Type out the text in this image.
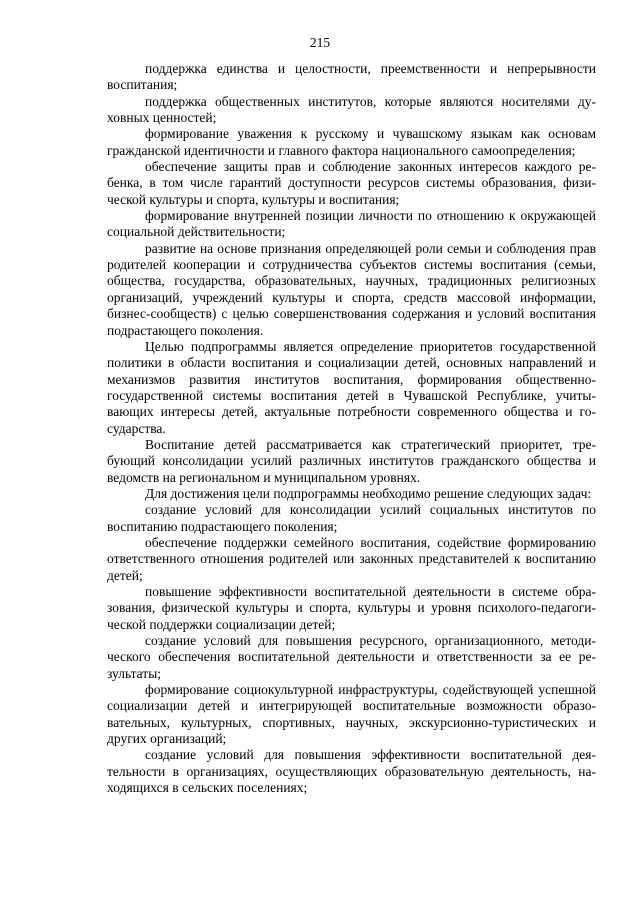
215

поддержка единства и целостности, преемственности и непрерывности воспитания;

поддержка общественных институтов, которые являются носителями духовных ценностей;

формирование уважения к русскому и чувашскому языкам как основам гражданской идентичности и главного фактора национального самоопределения;

обеспечение защиты прав и соблюдение законных интересов каждого ребенка, в том числе гарантий доступности ресурсов системы образования, физической культуры и спорта, культуры и воспитания;

формирование внутренней позиции личности по отношению к окружающей социальной действительности;

развитие на основе признания определяющей роли семьи и соблюдения прав родителей кооперации и сотрудничества субъектов системы воспитания (семьи, общества, государства, образовательных, научных, традиционных религиозных организаций, учреждений культуры и спорта, средств массовой информации, бизнес-сообществ) с целью совершенствования содержания и условий воспитания подрастающего поколения.

Целью подпрограммы является определение приоритетов государственной политики в области воспитания и социализации детей, основных направлений и механизмов развития институтов воспитания, формирования общественно-государственной системы воспитания детей в Чувашской Республике, учитывающих интересы детей, актуальные потребности современного общества и государства.

Воспитание детей рассматривается как стратегический приоритет, требующий консолидации усилий различных институтов гражданского общества и ведомств на региональном и муниципальном уровнях.

Для достижения цели подпрограммы необходимо решение следующих задач:

создание условий для консолидации усилий социальных институтов по воспитанию подрастающего поколения;

обеспечение поддержки семейного воспитания, содействие формированию ответственного отношения родителей или законных представителей к воспитанию детей;

повышение эффективности воспитательной деятельности в системе образования, физической культуры и спорта, культуры и уровня психолого-педагогической поддержки социализации детей;

создание условий для повышения ресурсного, организационного, методического обеспечения воспитательной деятельности и ответственности за ее результаты;

формирование социокультурной инфраструктуры, содействующей успешной социализации детей и интегрирующей воспитательные возможности образовательных, культурных, спортивных, научных, экскурсионно-туристических и других организаций;

создание условий для повышения эффективности воспитательной деятельности в организациях, осуществляющих образовательную деятельность, находящихся в сельских поселениях;
